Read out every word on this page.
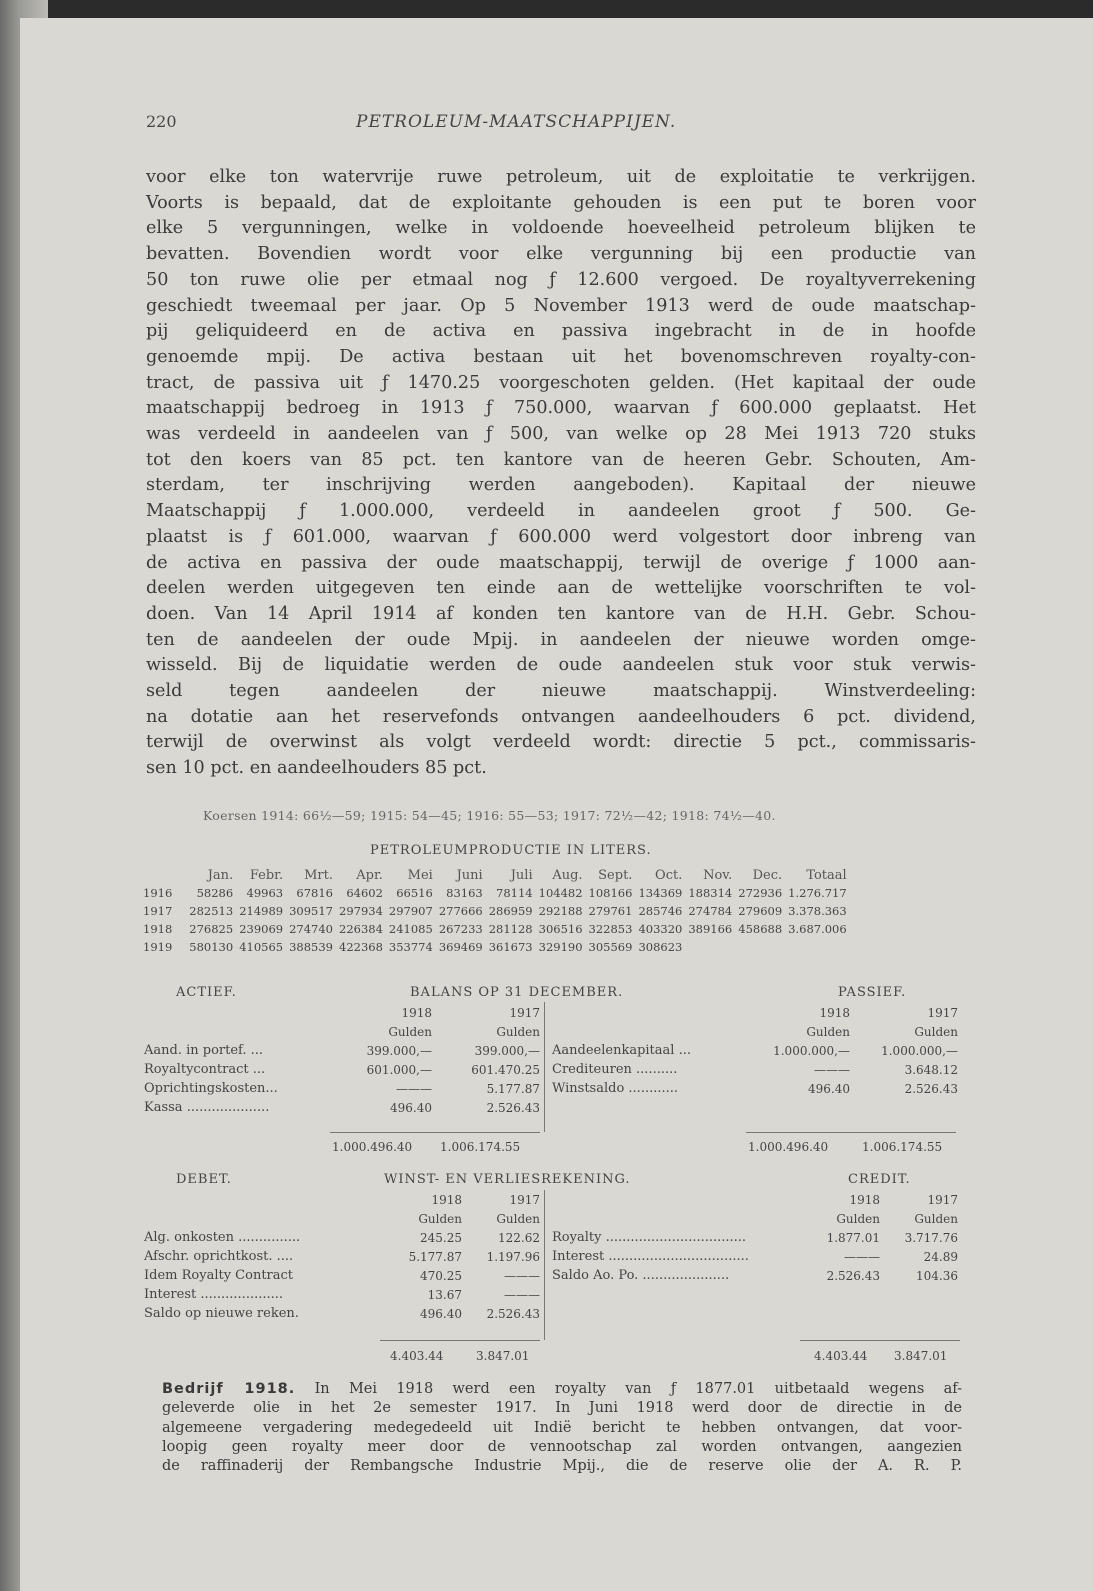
220	PETROLEUM-MAATSCHAPPIJEN.
voor elke ton watervrije ruwe petroleum, uit de exploitatie te verkrijgen.
Voorts is bepaald, dat de exploitante gehouden is een put te boren voor
elke 5 vergunningen, welke in voldoende hoeveelheid petroleum blijken te
bevatten. Bovendien wordt voor elke vergunning bij een productie van
50 ton ruwe olie per etmaal nog ƒ 12.600 vergoed. De royaltyverrekening
geschiedt tweemaal per jaar. Op 5 November 1913 werd de oude maatschap-
pij geliquideerd en de activa en passiva ingebracht in de in hoofde
genoemde mpij. De activa bestaan uit het bovenomschreven royalty-con-
tract, de passiva uit ƒ 1470.25 voorgeschoten gelden. (Het kapitaal der oude
maatschappij bedroeg in 1913 ƒ 750.000, waarvan ƒ 600.000 geplaatst. Het
was verdeeld in aandeelen van ƒ 500, van welke op 28 Mei 1913 720 stuks
tot den koers van 85 pct. ten kantore van de heeren Gebr. Schouten, Am-
sterdam, ter inschrijving werden aangeboden). Kapitaal der nieuwe
Maatschappij ƒ 1.000.000, verdeeld in aandeelen groot ƒ 500. Ge-
plaatst is ƒ 601.000, waarvan ƒ 600.000 werd volgestort door inbreng van
de activa en passiva der oude maatschappij, terwijl de overige ƒ 1000 aan-
deelen werden uitgegeven ten einde aan de wettelijke voorschriften te vol-
doen. Van 14 April 1914 af konden ten kantore van de H.H. Gebr. Schou-
ten de aandeelen der oude Mpij. in aandeelen der nieuwe worden omge-
wisseld. Bij de liquidatie werden de oude aandeelen stuk voor stuk verwis-
seld tegen aandeelen der nieuwe maatschappij. Winstverdeeling:
na dotatie aan het reservefonds ontvangen aandeelhouders 6 pct. dividend,
terwijl de overwinst als volgt verdeeld wordt: directie 5 pct., commissaris-
sen 10 pct. en aandeelhouders 85 pct.
Koersen 1914: 66½—59; 1915: 54—45; 1916: 55—53; 1917: 72½—42; 1918: 74½—40.
PETROLEUMPRODUCTIE IN LITERS.
	Jan.	Febr.	Mrt.	Apr.	Mei	Juni	Juli	Aug.	Sept.	Oct.	Nov.	Dec.	Totaal
1916	58286	49963	67816	64602	66516	83163	78114	104482	108166	134369	188314	272936	1.276.717
1917	282513	214989	309517	297934	297907	277666	286959	292188	279761	285746	274784	279609	3.378.363
1918	276825	239069	274740	226384	241085	267233	281128	306516	322853	403320	389166	458688	3.687.006
1919	580130	410565	388539	422368	353774	369469	361673	329190	305569	308623			
ACTIEF.	BALANS OP 31 DECEMBER.	PASSIEF.
	1918	1917
	Gulden	Gulden
Aand. in portef. ...	399.000,—	399.000,—
Royaltycontract ...	601.000,—	601.470.25
Oprichtingskosten...	———	5.177.87
Kassa ....................	496.40	2.526.43
	1918	1917
	Gulden	Gulden
Aandeelenkapitaal ...	1.000.000,—	1.000.000,—
Crediteuren ..........	———	3.648.12
Winstsaldo ............	496.40	2.526.43
1.000.496.40 1.006.174.55	1.000.496.40	1.006.174.55
DEBET.	WINST- EN VERLIESREKENING.	CREDIT.
	1918	1917
	Gulden	Gulden
Alg. onkosten ...............	245.25	122.62
Afschr. oprichtkost. ....	5.177.87	1.197.96
Idem Royalty Contract	470.25	———
Interest ....................	13.67	———
Saldo op nieuwe reken.	496.40	2.526.43
	1918	1917
	Gulden	Gulden
Royalty ..................................	1.877.01	3.717.76
Interest ..................................	———	24.89
Saldo Ao. Po. .....................	2.526.43	104.36
4.403.44	3.847.01	4.403.44 3.847.01
Bedrijf 1918. In Mei 1918 werd een royalty van ƒ 1877.01 uitbetaald wegens af-
geleverde olie in het 2e semester 1917. In Juni 1918 werd door de directie in de
algemeene vergadering medegedeeld uit Indië bericht te hebben ontvangen, dat voor-
loopig geen royalty meer door de vennootschap zal worden ontvangen, aangezien
de raffinaderij der Rembangsche Industrie Mpij., die de reserve olie der A. R. P.
